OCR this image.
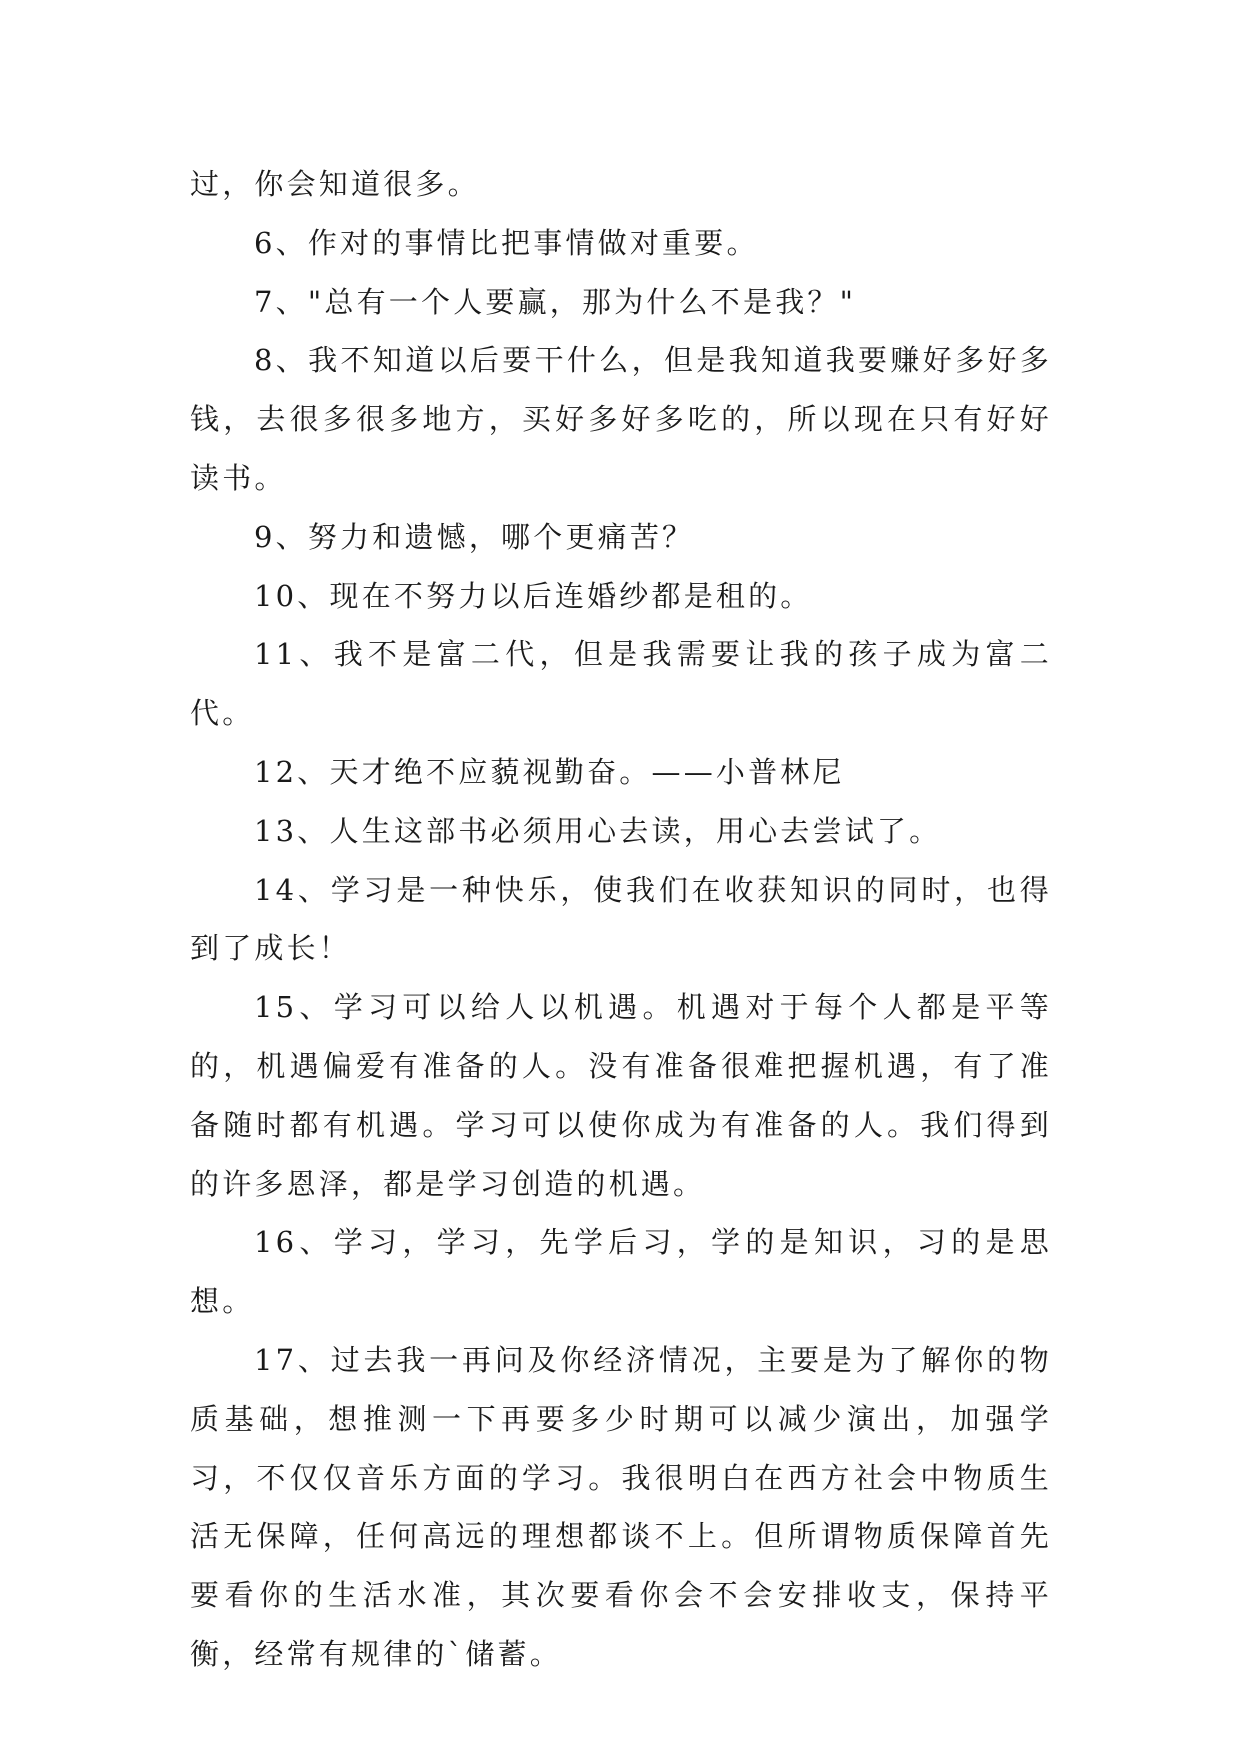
过，你会知道很多。

6、作对的事情比把事情做对重要。

7、"总有一个人要赢，那为什么不是我？"

8、我不知道以后要干什么，但是我知道我要赚好多好多钱，去很多很多地方，买好多好多吃的，所以现在只有好好读书。

9、努力和遗憾，哪个更痛苦？

10、现在不努力以后连婚纱都是租的。

11、我不是富二代，但是我需要让我的孩子成为富二代。

12、天才绝不应藐视勤奋。——小普林尼

13、人生这部书必须用心去读，用心去尝试了。

14、学习是一种快乐，使我们在收获知识的同时，也得到了成长！

15、学习可以给人以机遇。机遇对于每个人都是平等的，机遇偏爱有准备的人。没有准备很难把握机遇，有了准备随时都有机遇。学习可以使你成为有准备的人。我们得到的许多恩泽，都是学习创造的机遇。

16、学习，学习，先学后习，学的是知识，习的是思想。

17、过去我一再问及你经济情况，主要是为了解你的物质基础，想推测一下再要多少时期可以减少演出，加强学习，不仅仅音乐方面的学习。我很明白在西方社会中物质生活无保障，任何高远的理想都谈不上。但所谓物质保障首先要看你的生活水准，其次要看你会不会安排收支，保持平衡，经常有规律的`储蓄。
